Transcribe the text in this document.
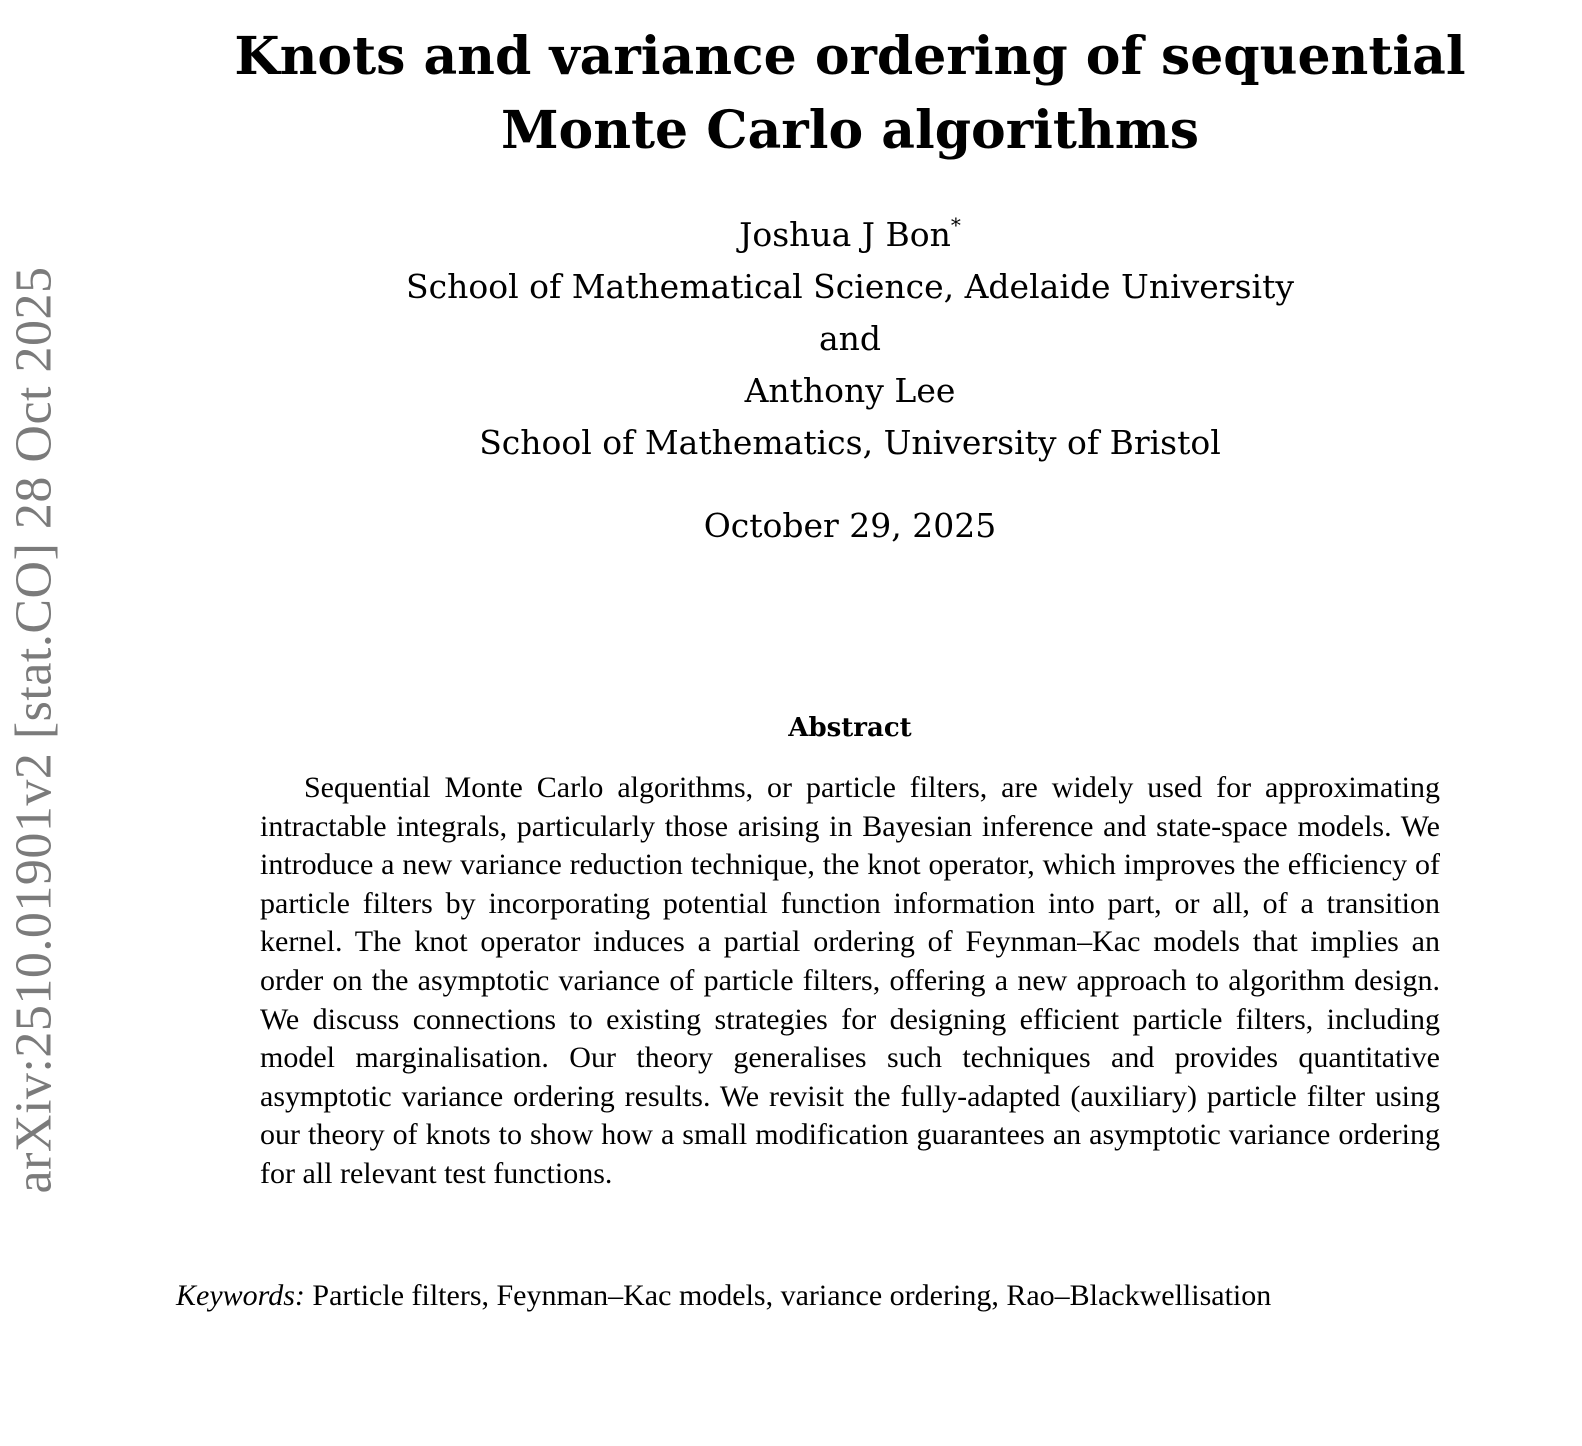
arXiv:2510.01901v2 [stat.CO] 28 Oct 2025
Knots and variance ordering of sequential
Monte Carlo algorithms
Joshua J Bon*
School of Mathematical Science, Adelaide University
and
Anthony Lee
School of Mathematics, University of Bristol
October 29, 2025
Abstract

Sequential Monte Carlo algorithms, or particle filters, are widely used for approximating intractable integrals, particularly those arising in Bayesian inference and state-space models. We introduce a new variance reduction technique, the knot operator, which improves the efficiency of particle filters by incorporating potential function information into part, or all, of a transition kernel. The knot operator induces a partial ordering of Feynman–Kac models that implies an order on the asymptotic variance of particle filters, offering a new approach to algorithm design. We discuss connections to existing strategies for designing efficient particle filters, including model marginalisation. Our theory generalises such techniques and provides quantitative asymptotic variance ordering results. We revisit the fully-adapted (auxiliary) particle filter using our theory of knots to show how a small modification guarantees an asymptotic variance ordering for all relevant test functions.

Keywords: Particle filters, Feynman–Kac models, variance ordering, Rao–Blackwellisation
